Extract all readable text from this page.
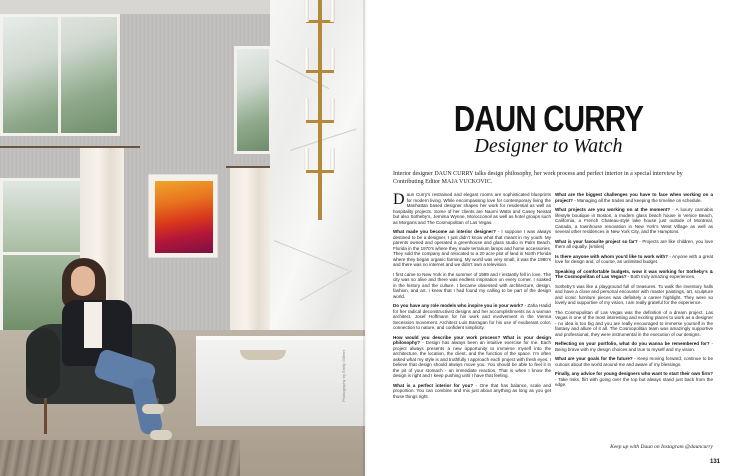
Photography by Emily Gilbert
DAUN CURRY
Designer to Watch
Interior designer DAUN CURRY talks design philosophy, her work process and perfect interior in a special interview by Contributing Editor MAJA VUCKOVIC.

Daun Curry’s restrained and elegant rooms are sophisticated blueprints for modern living. While encompassing love for contemporary living the Manhattan based designer shapes her work for residential as well as hospitality projects. Some of her clients are Naomi Watts and Casey Neistat but also Sotheby’s, Jemima Wynne, Morocconoil as well as hotel groups such as Morgans and The Cosmopolitan of Las Vegas.

What made you become an interior designer? - I suppose I was always destined to be a designer, I just didn’t know what that meant in my youth. My parents owned and operated a greenhouse and glass studio in Palm Beach, Florida in the 1970’s where they made terrarium lamps and home accessories. They sold the company and relocated to a 20 acre plot of land in North Florida where they began organic farming. My world was very small, it was the 1980’s and there was no internet and we didn’t own a television.

I first came to New York in the summer of 1999 and I instantly fell in love. The city was so alive and there was endless inspiration on every corner. I soaked in the history and the culture. I became obsessed with architecture, design, fashion, and art. I knew that I had found my calling to be part of the design world.

Do you have any role models who inspire you in your work? - Zaha Hadid for her radical deconstructivist designs and her accomplishments as a woman architect. Josef Hoffmann for his work and involvement in the Vienna Secession movement. Architect Luis Barragan for his use of exuberant color, connection to nature, and confident simplicity.

How would you describe your work process? What is your design philosophy? - Design has always been an intuitive exercise for me. Each project always presents a new opportunity to immerse myself into the architecture, the location, the client, and the function of the space. I’m often asked what my style is and truthfully I approach each project with fresh eyes. I believe that design should always move you. You should be able to feel it in the pit of your stomach - an immediate reaction. That is when I know the design is right and I keep pushing until I have that feeling.

What is a perfect interior for you? - One that has balance, scale and proportion. You can combine and mix just about anything as long as you get those things right.

What are the biggest challenges you have to face when working on a project? - Managing all the trades and keeping the timeline on schedule.

What projects are you working on at the moment? - A luxury cannabis lifestyle boutique in Boston, a modern glass beach house in Venice Beach, California, a French Chateau-style lake house just outside of Montreal, Canada, a townhouse renovation in New York’s West Village as well as several other residences in New York City, and the Hamptons.

What is your favourite project so far? - Projects are like children, you love them all equally. [smiles]

Is there anyone with whom you’d like to work with? - Anyone with a great love for design and, of course, an unlimited budget.

Speaking of comfortable budgets, wow it was working for Sotheby’s & The Cosmopolitan of Las Vegas? - Both truly amazing experiences.

Sotheby’s was like a playground full of treasures. To walk the inventory halls and have a close and personal encounter with master paintings, art, sculpture and iconic furniture pieces was definitely a career highlight. They were so lovely and supportive of my vision, I am really grateful for the experience.

The Cosmopolitan of Las Vegas was the definition of a dream project. Las Vegas is one of the most interesting and exciting places to work as a designer - no idea is too big and you are really encouraged to immerse yourself in the fantasy and allure of it all. The Cosmopolitan team was amazingly supportive and professional, they were instrumental in the execution of our designs.

Reflecting on your portfolio, what do you wanna be remembered for? - Being brave with my design choices and true to myself and my vision.

What are your goals for the future? - Keep moving forward, continue to be curious about the world around me and aware of my blessings.

Finally, any advice for young designers who want to start their own firm? - Take risks, flirt with going over the top but always stand just back from the edge.

Keep up with Daun on Instagram @dauncurry
131
